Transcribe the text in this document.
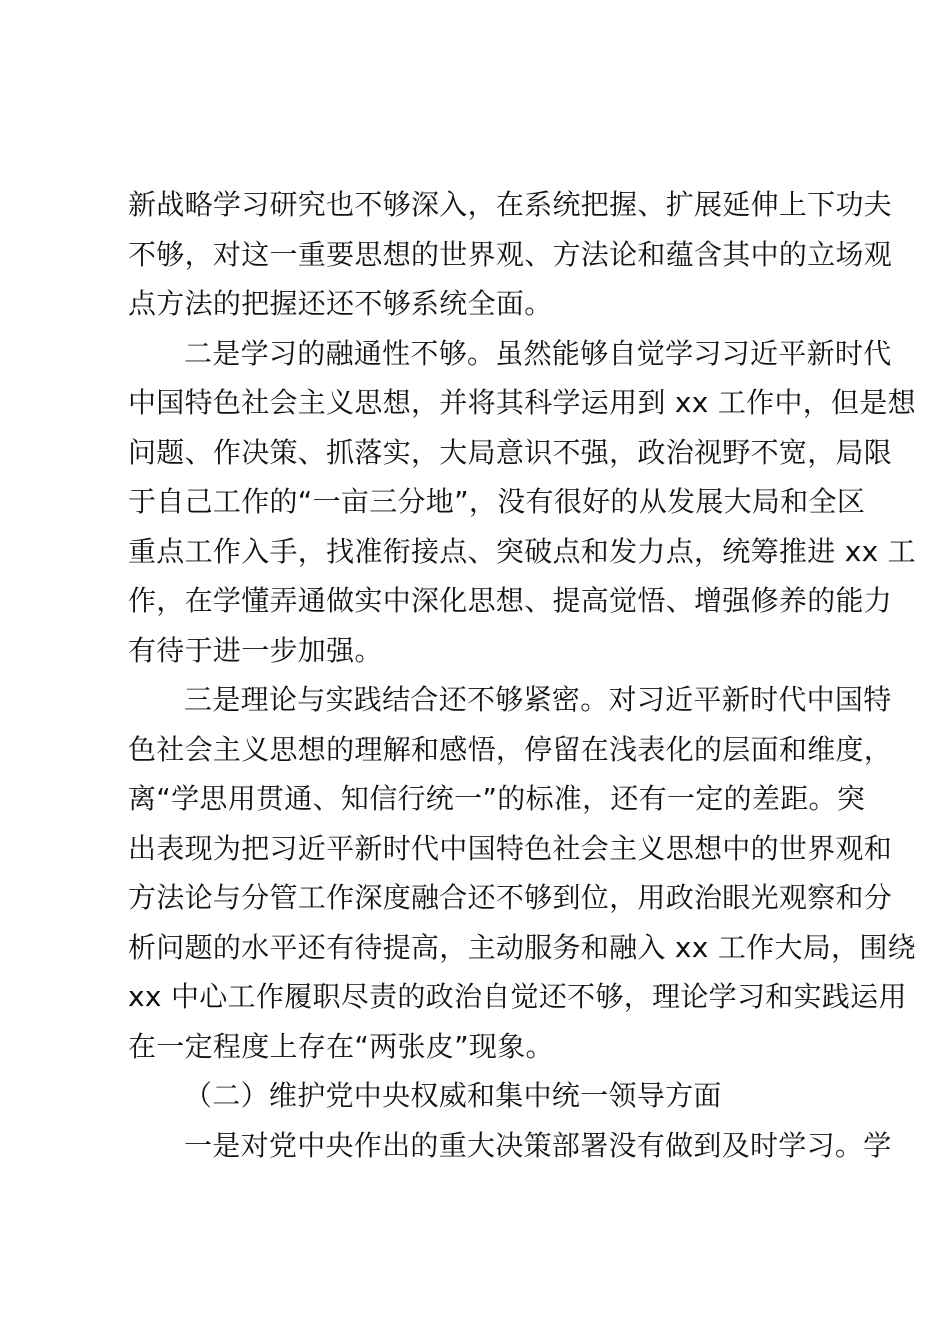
新战略学习研究也不够深入，在系统把握、扩展延伸上下功夫
不够，对这一重要思想的世界观、方法论和蕴含其中的立场观
点方法的把握还还不够系统全面。
二是学习的融通性不够。虽然能够自觉学习习近平新时代
中国特色社会主义思想，并将其科学运用到 xx 工作中，但是想
问题、作决策、抓落实，大局意识不强，政治视野不宽，局限
于自己工作的“一亩三分地”，没有很好的从发展大局和全区
重点工作入手，找准衔接点、突破点和发力点，统筹推进 xx 工
作，在学懂弄通做实中深化思想、提高觉悟、增强修养的能力
有待于进一步加强。
三是理论与实践结合还不够紧密。对习近平新时代中国特
色社会主义思想的理解和感悟，停留在浅表化的层面和维度，
离“学思用贯通、知信行统一”的标准，还有一定的差距。突
出表现为把习近平新时代中国特色社会主义思想中的世界观和
方法论与分管工作深度融合还不够到位，用政治眼光观察和分
析问题的水平还有待提高，主动服务和融入 xx 工作大局，围绕
xx 中心工作履职尽责的政治自觉还不够，理论学习和实践运用
在一定程度上存在“两张皮”现象。
（二）维护党中央权威和集中统一领导方面
一是对党中央作出的重大决策部署没有做到及时学习。学
